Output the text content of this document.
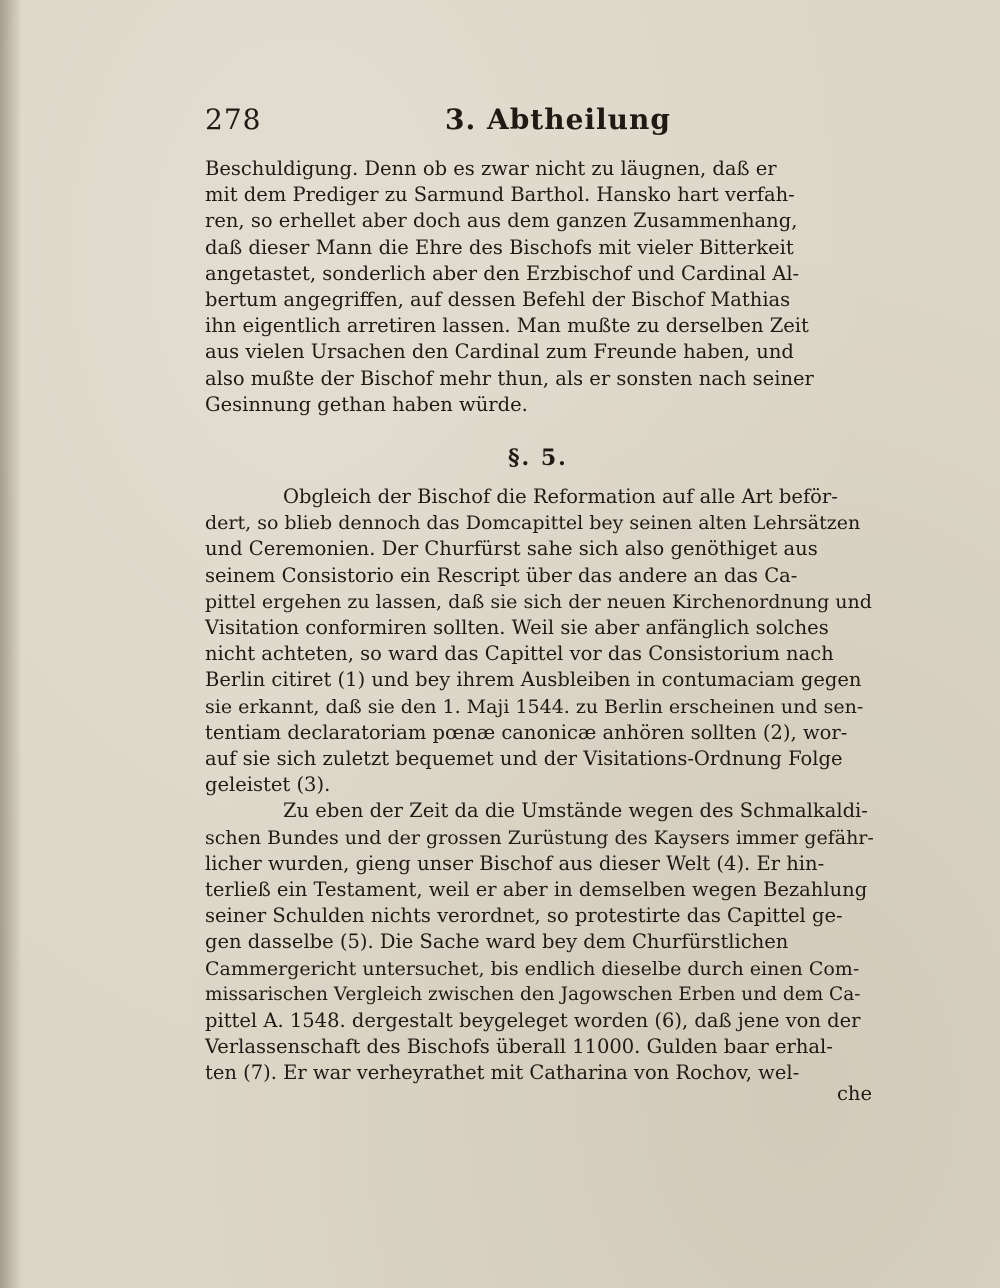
278	3. Abtheilung
Beschuldigung. Denn ob es zwar nicht zu läugnen, daß er
mit dem Prediger zu Sarmund Barthol. Hansko hart verfah-
ren, so erhellet aber doch aus dem ganzen Zusammenhang,
daß dieser Mann die Ehre des Bischofs mit vieler Bitterkeit
angetastet, sonderlich aber den Erzbischof und Cardinal Al-
bertum angegriffen, auf dessen Befehl der Bischof Mathias
ihn eigentlich arretiren lassen. Man mußte zu derselben Zeit
aus vielen Ursachen den Cardinal zum Freunde haben, und
also mußte der Bischof mehr thun, als er sonsten nach seiner
Gesinnung gethan haben würde.
§. 5.
Obgleich der Bischof die Reformation auf alle Art beför-
dert, so blieb dennoch das Domcapittel bey seinen alten Lehrsätzen
und Ceremonien. Der Churfürst sahe sich also genöthiget aus
seinem Consistorio ein Rescript über das andere an das Ca-
pittel ergehen zu lassen, daß sie sich der neuen Kirchenordnung und
Visitation conformiren sollten. Weil sie aber anfänglich solches
nicht achteten, so ward das Capittel vor das Consistorium nach
Berlin citiret (1) und bey ihrem Ausbleiben in contumaciam gegen
sie erkannt, daß sie den 1. Maji 1544. zu Berlin erscheinen und sen-
tentiam declaratoriam pœnæ canonicæ anhören sollten (2), wor-
auf sie sich zuletzt bequemet und der Visitations-Ordnung Folge
geleistet (3).
Zu eben der Zeit da die Umstände wegen des Schmalkaldi-
schen Bundes und der grossen Zurüstung des Kaysers immer gefähr-
licher wurden, gieng unser Bischof aus dieser Welt (4). Er hin-
terließ ein Testament, weil er aber in demselben wegen Bezahlung
seiner Schulden nichts verordnet, so protestirte das Capittel ge-
gen dasselbe (5). Die Sache ward bey dem Churfürstlichen
Cammergericht untersuchet, bis endlich dieselbe durch einen Com-
missarischen Vergleich zwischen den Jagowschen Erben und dem Ca-
pittel A. 1548. dergestalt beygeleget worden (6), daß jene von der
Verlassenschaft des Bischofs überall 11000. Gulden baar erhal-
ten (7). Er war verheyrathet mit Catharina von Rochov, wel-
che
